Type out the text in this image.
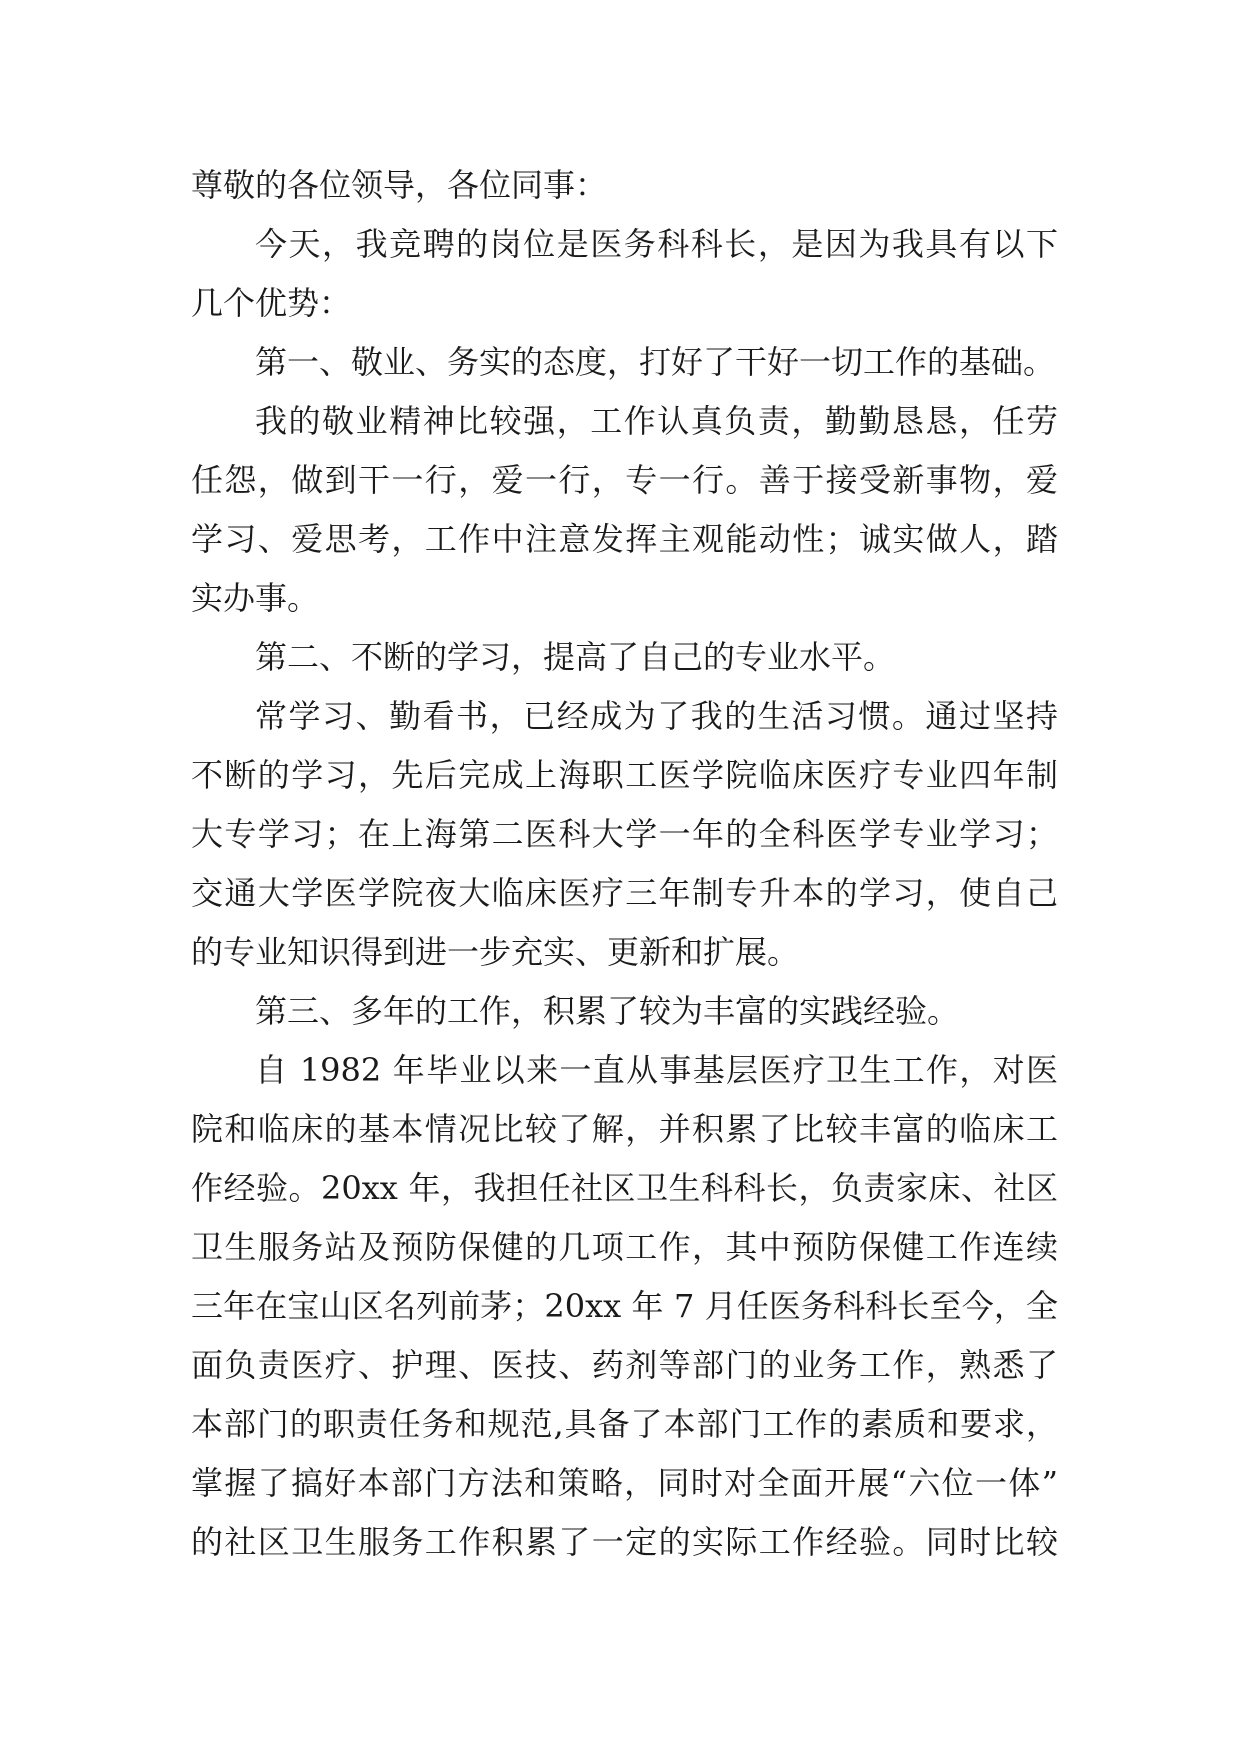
尊敬的各位领导，各位同事：
今天，我竞聘的岗位是医务科科长，是因为我具有以下
几个优势：
第一、敬业、务实的态度，打好了干好一切工作的基础。
我的敬业精神比较强，工作认真负责，勤勤恳恳，任劳
任怨，做到干一行，爱一行，专一行。善于接受新事物，爱
学习、爱思考，工作中注意发挥主观能动性；诚实做人，踏
实办事。
第二、不断的学习，提高了自己的专业水平。
常学习、勤看书，已经成为了我的生活习惯。通过坚持
不断的学习，先后完成上海职工医学院临床医疗专业四年制
大专学习；在上海第二医科大学一年的全科医学专业学习；
交通大学医学院夜大临床医疗三年制专升本的学习，使自己
的专业知识得到进一步充实、更新和扩展。
第三、多年的工作，积累了较为丰富的实践经验。
自 1982 年毕业以来一直从事基层医疗卫生工作，对医
院和临床的基本情况比较了解，并积累了比较丰富的临床工
作经验。20xx 年，我担任社区卫生科科长，负责家床、社区
卫生服务站及预防保健的几项工作，其中预防保健工作连续
三年在宝山区名列前茅；20xx 年 7 月任医务科科长至今，全
面负责医疗、护理、医技、药剂等部门的业务工作，熟悉了
本部门的职责任务和规范,具备了本部门工作的素质和要求，
掌握了搞好本部门方法和策略，同时对全面开展“六位一体”
的社区卫生服务工作积累了一定的实际工作经验。同时比较
